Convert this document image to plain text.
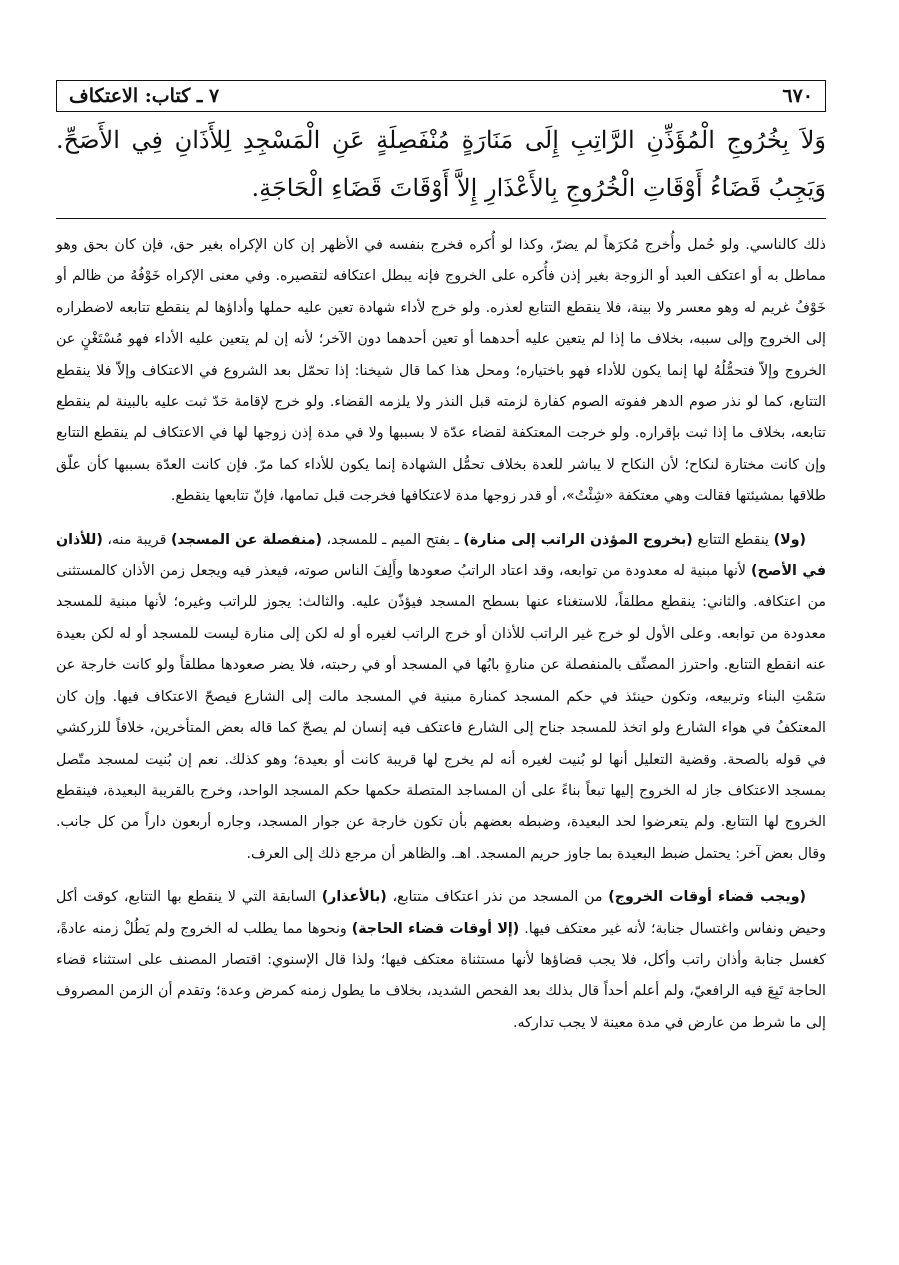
٦٧٠
٧ ـ كتاب: الاعتكاف
وَلاَ بِخُرُوجِ الْمُؤَذِّنِ الرَّاتِبِ إِلَى مَنَارَةٍ مُنْفَصِلَةٍ عَنِ الْمَسْجِدِ لِلأَذَانِ فِي الأَصَحِّ. وَيَجِبُ قَضَاءُ أَوْقَاتِ الْخُرُوجِ بِالأَعْذَارِ إِلاَّ أَوْقَاتَ قَضَاءِ الْحَاجَةِ.

ذلك كالناسي. ولو حُمل وأُخرج مُكرَهاً لم يضرّ، وكذا لو أُكره فخرج بنفسه في الأظهر إن كان الإكراه بغير حق، فإن كان بحق وهو مماطل به أو اعتكف العبد أو الزوجة بغير إذن فأُكره على الخروج فإنه يبطل اعتكافه لتقصيره. وفي معنى الإكراه خَوْفُهُ من ظالم أو خَوْفُ غريم له وهو معسر ولا بينة، فلا ينقطع التتابع لعذره. ولو خرج لأداء شهادة تعين عليه حملها وأداؤها لم ينقطع تتابعه لاضطراره إلى الخروج وإلى سببه، بخلاف ما إذا لم يتعين عليه أحدهما أو تعين أحدهما دون الآخر؛ لأنه إن لم يتعين عليه الأداء فهو مُسْتَغْنٍ عن الخروج وإلاّ فتحمُّلُهُ لها إنما يكون للأداء فهو باختياره؛ ومحل هذا كما قال شيخنا: إذا تحمّل بعد الشروع في الاعتكاف وإلاّ فلا ينقطع التتابع، كما لو نذر صوم الدهر ففوته الصوم كفارة لزمته قبل النذر ولا يلزمه القضاء. ولو خرج لإقامة حَدّ ثبت عليه بالبينة لم ينقطع تتابعه، بخلاف ما إذا ثبت بإقراره. ولو خرجت المعتكفة لقضاء عدّة لا بسببها ولا في مدة إذن زوجها لها في الاعتكاف لم ينقطع التتابع وإن كانت مختارة لنكاح؛ لأن النكاح لا يباشر للعدة بخلاف تحمُّل الشهادة إنما يكون للأداء كما مرّ. فإن كانت العدّة بسببها كأن علّق طلاقها بمشيئتها فقالت وهي معتكفة «شِئْتُ»، أو قدر زوجها مدة لاعتكافها فخرجت قبل تمامها، فإنّ تتابعها ينقطع.

(ولا) ينقطع التتابع (بخروج المؤذن الراتب إلى منارة) ـ بفتح الميم ـ للمسجد، (منفصلة عن المسجد) قريبة منه، (للأذان في الأصح) لأنها مبنية له معدودة من توابعه، وقد اعتاد الراتبُ صعودها وأَلِفَ الناس صوته، فيعذر فيه ويجعل زمن الأذان كالمستثنى من اعتكافه. والثاني: ينقطع مطلقاً، للاستغناء عنها بسطح المسجد فيؤذّن عليه. والثالث: يجوز للراتب وغيره؛ لأنها مبنية للمسجد معدودة من توابعه. وعلى الأول لو خرج غير الراتب للأذان أو خرج الراتب لغيره أو له لكن إلى منارة ليست للمسجد أو له لكن بعيدة عنه انقطع التتابع. واحترز المصنِّف بالمنفصلة عن منارةٍ بابُها في المسجد أو في رحبته، فلا يضر صعودها مطلقاً ولو كانت خارجة عن سَمْتِ البناء وتربيعه، وتكون حينئذ في حكم المسجد كمنارة مبنية في المسجد مالت إلى الشارع فيصحّ الاعتكاف فيها. وإن كان المعتكفُ في هواء الشارع ولو اتخذ للمسجد جناح إلى الشارع فاعتكف فيه إنسان لم يصحّ كما قاله بعض المتأخرين، خلافاً للزركشي في قوله بالصحة. وقضية التعليل أنها لو بُنيت لغيره أنه لم يخرج لها قريبة كانت أو بعيدة؛ وهو كذلك. نعم إن بُنيت لمسجد متّصل بمسجد الاعتكاف جاز له الخروج إليها تبعاً بناءً على أن المساجد المتصلة حكمها حكم المسجد الواحد، وخرج بالقريبة البعيدة، فينقطع الخروج لها التتابع. ولم يتعرضوا لحد البعيدة، وضبطه بعضهم بأن تكون خارجة عن جوار المسجد، وجاره أربعون داراً من كل جانب. وقال بعض آخر: يحتمل ضبط البعيدة بما جاوز حريم المسجد. اهـ. والظاهر أن مرجع ذلك إلى العرف.

(ويجب قضاء أوقات الخروج) من المسجد من نذر اعتكاف متتابع، (بالأعذار) السابقة التي لا ينقطع بها التتابع، كوقت أكل وحيض ونفاس واغتسال جنابة؛ لأنه غير معتكف فيها. (إلا أوقات قضاء الحاجة) ونحوها مما يطلب له الخروج ولم يَطُلْ زمنه عادةً، كغسل جنابة وأذان راتب وأكل، فلا يجب قضاؤها لأنها مستثناة معتكف فيها؛ ولذا قال الإسنوي: اقتصار المصنف على استثناء قضاء الحاجة تَبِعَ فيه الرافعيّ، ولم أعلم أحداً قال بذلك بعد الفحص الشديد، بخلاف ما يطول زمنه كمرض وعدة؛ وتقدم أن الزمن المصروف إلى ما شرط من عارض في مدة معينة لا يجب تداركه.
